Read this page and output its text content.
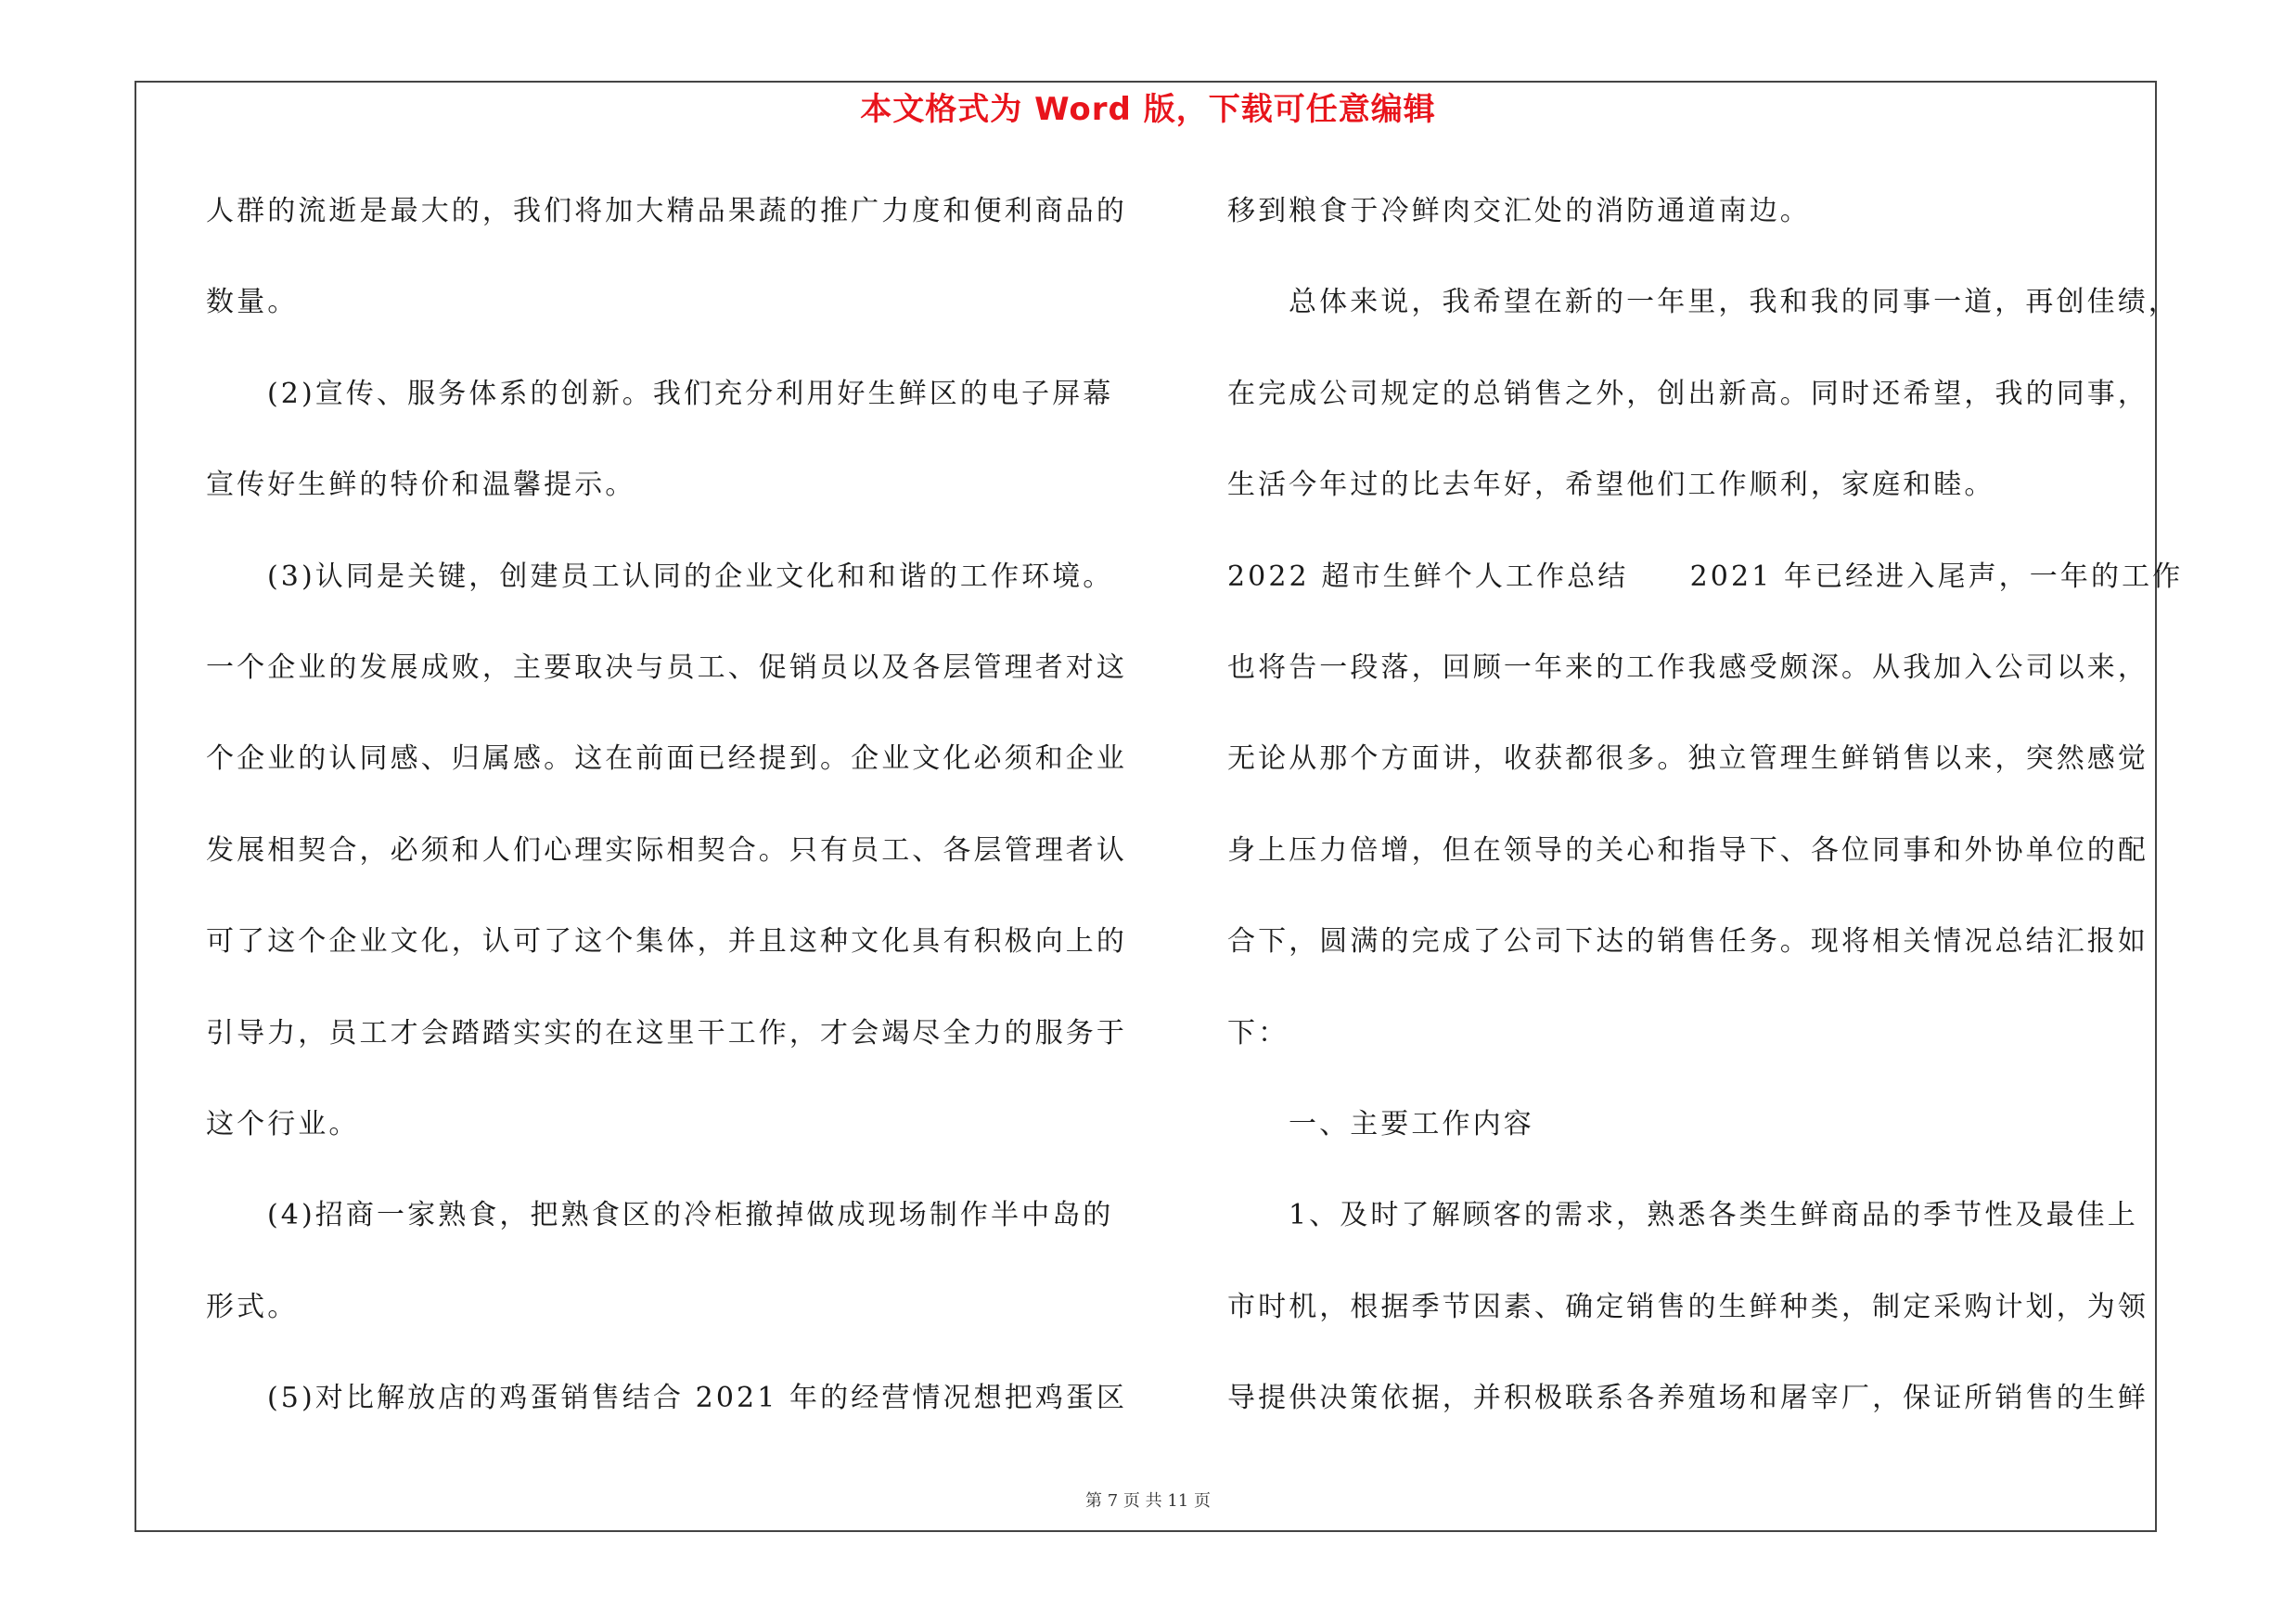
本文格式为 Word 版，下载可任意编辑
人群的流逝是最大的，我们将加大精品果蔬的推广力度和便利商品的
数量。
(2)宣传、服务体系的创新。我们充分利用好生鲜区的电子屏幕
宣传好生鲜的特价和温馨提示。
(3)认同是关键，创建员工认同的企业文化和和谐的工作环境。
一个企业的发展成败，主要取决与员工、促销员以及各层管理者对这
个企业的认同感、归属感。这在前面已经提到。企业文化必须和企业
发展相契合，必须和人们心理实际相契合。只有员工、各层管理者认
可了这个企业文化，认可了这个集体，并且这种文化具有积极向上的
引导力，员工才会踏踏实实的在这里干工作，才会竭尽全力的服务于
这个行业。
(4)招商一家熟食，把熟食区的冷柜撤掉做成现场制作半中岛的
形式。
(5)对比解放店的鸡蛋销售结合 2021 年的经营情况想把鸡蛋区
移到粮食于冷鲜肉交汇处的消防通道南边。
总体来说，我希望在新的一年里，我和我的同事一道，再创佳绩，
在完成公司规定的总销售之外，创出新高。同时还希望，我的同事，
生活今年过的比去年好，希望他们工作顺利，家庭和睦。
2022 超市生鲜个人工作总结　　2021 年已经进入尾声，一年的工作
也将告一段落，回顾一年来的工作我感受颇深。从我加入公司以来，
无论从那个方面讲，收获都很多。独立管理生鲜销售以来，突然感觉
身上压力倍增，但在领导的关心和指导下、各位同事和外协单位的配
合下，圆满的完成了公司下达的销售任务。现将相关情况总结汇报如
下：
一、主要工作内容
1、及时了解顾客的需求，熟悉各类生鲜商品的季节性及最佳上
市时机，根据季节因素、确定销售的生鲜种类，制定采购计划，为领
导提供决策依据，并积极联系各养殖场和屠宰厂，保证所销售的生鲜
第 7 页 共 11 页
